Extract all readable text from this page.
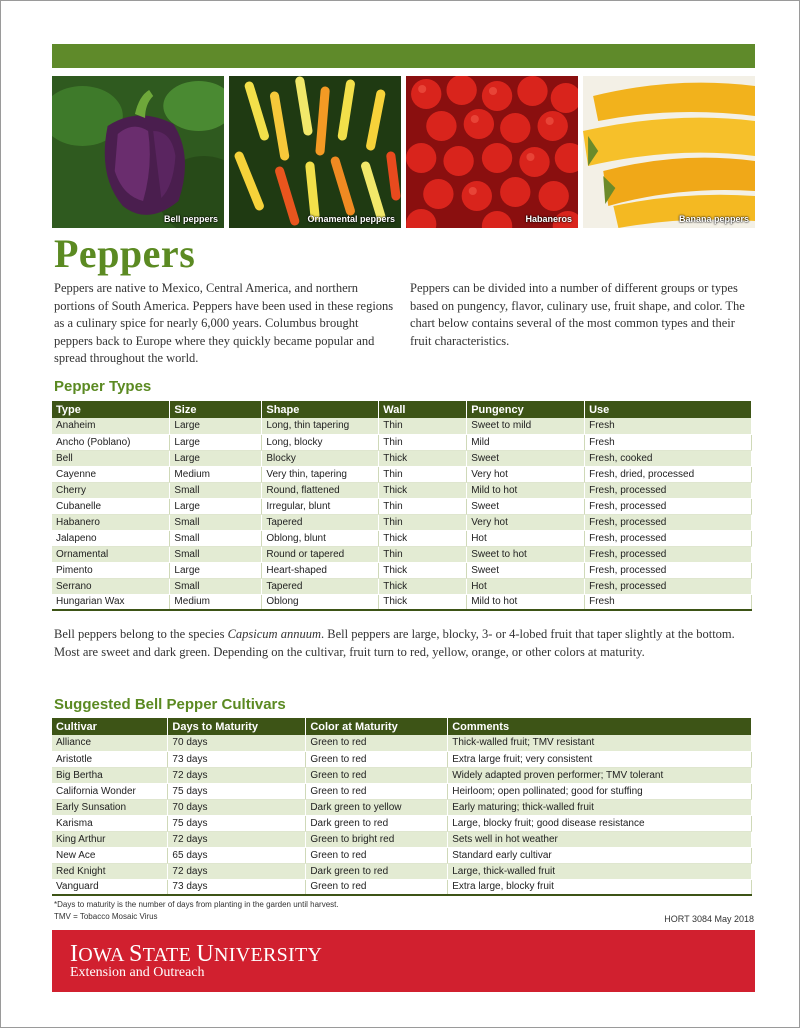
Bell peppers	Ornamental peppers	Habaneros	Banana peppers
Peppers

Peppers are native to Mexico, Central America, and northern portions of South America. Peppers have been used in these regions as a culinary spice for nearly 6,000 years. Columbus brought peppers back to Europe where they quickly became popular and spread throughout the world.

Peppers can be divided into a number of different groups or types based on pungency, flavor, culinary use, fruit shape, and color. The chart below contains several of the most common types and their fruit characteristics.

Pepper Types
Type	Size	Shape	Wall	Pungency	Use
Anaheim	Large	Long, thin tapering	Thin	Sweet to mild	Fresh
Ancho (Poblano)	Large	Long, blocky	Thin	Mild	Fresh
Bell	Large	Blocky	Thick	Sweet	Fresh, cooked
Cayenne	Medium	Very thin, tapering	Thin	Very hot	Fresh, dried, processed
Cherry	Small	Round, flattened	Thick	Mild to hot	Fresh, processed
Cubanelle	Large	Irregular, blunt	Thin	Sweet	Fresh, processed
Habanero	Small	Tapered	Thin	Very hot	Fresh, processed
Jalapeno	Small	Oblong, blunt	Thick	Hot	Fresh, processed
Ornamental	Small	Round or tapered	Thin	Sweet to hot	Fresh, processed
Pimento	Large	Heart-shaped	Thick	Sweet	Fresh, processed
Serrano	Small	Tapered	Thick	Hot	Fresh, processed
Hungarian Wax	Medium	Oblong	Thick	Mild to hot	Fresh

Bell peppers belong to the species Capsicum annuum. Bell peppers are large, blocky, 3- or 4-lobed fruit that taper slightly at the bottom. Most are sweet and dark green. Depending on the cultivar, fruit turn to red, yellow, orange, or other colors at maturity.

Suggested Bell Pepper Cultivars
Cultivar	Days to Maturity	Color at Maturity	Comments
Alliance	70 days	Green to red	Thick-walled fruit; TMV resistant
Aristotle	73 days	Green to red	Extra large fruit; very consistent
Big Bertha	72 days	Green to red	Widely adapted proven performer; TMV tolerant
California Wonder	75 days	Green to red	Heirloom; open pollinated; good for stuffing
Early Sunsation	70 days	Dark green to yellow	Early maturing; thick-walled fruit
Karisma	75 days	Dark green to red	Large, blocky fruit; good disease resistance
King Arthur	72 days	Green to bright red	Sets well in hot weather
New Ace	65 days	Green to red	Standard early cultivar
Red Knight	72 days	Dark green to red	Large, thick-walled fruit
Vanguard	73 days	Green to red	Extra large, blocky fruit
*Days to maturity is the number of days from planting in the garden until harvest.
TMV = Tobacco Mosaic Virus	HORT 3084 May 2018
IOWA STATE UNIVERSITY
Extension and Outreach
